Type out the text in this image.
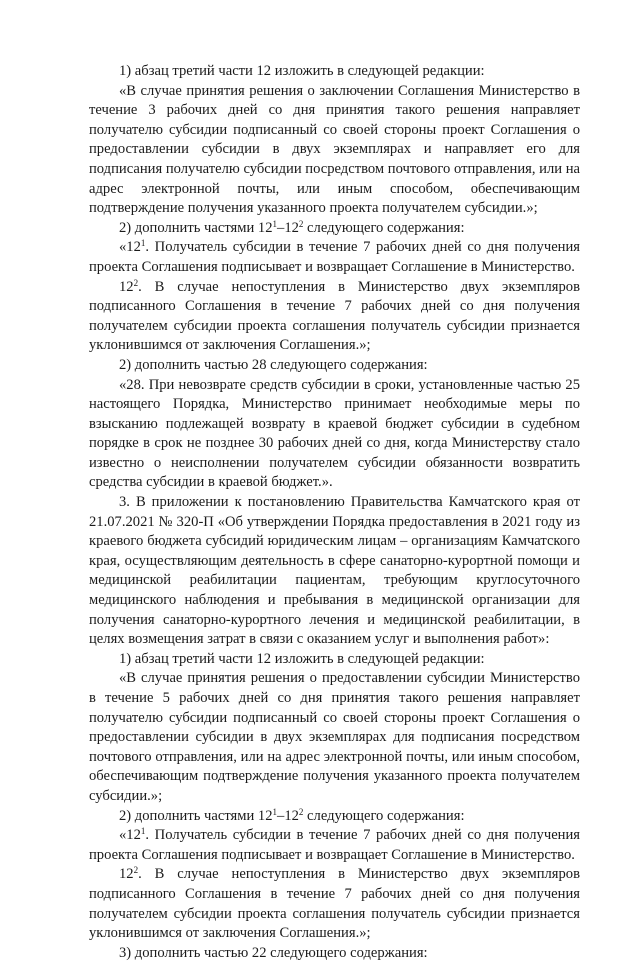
1) абзац третий части 12 изложить в следующей редакции:

«В случае принятия решения о заключении Соглашения Министерство в течение 3 рабочих дней со дня принятия такого решения направляет получателю субсидии подписанный со своей стороны проект Соглашения о предоставлении субсидии в двух экземплярах и направляет его для подписания получателю субсидии посредством почтового отправления, или на адрес электронной почты, или иным способом, обеспечивающим подтверждение получения указанного проекта получателем субсидии.»;

2) дополнить частями $12^1-12^2$ следующего содержания:

«$12^1$. Получатель субсидии в течение 7 рабочих дней со дня получения проекта Соглашения подписывает и возвращает Соглашение в Министерство.

$12^2$. В случае непоступления в Министерство двух экземпляров подписанного Соглашения в течение 7 рабочих дней со дня получения получателем субсидии проекта соглашения получатель субсидии признается уклонившимся от заключения Соглашения.»;

2) дополнить частью 28 следующего содержания:

«28. При невозврате средств субсидии в сроки, установленные частью 25 настоящего Порядка, Министерство принимает необходимые меры по взысканию подлежащей возврату в краевой бюджет субсидии в судебном порядке в срок не позднее 30 рабочих дней со дня, когда Министерству стало известно о неисполнении получателем субсидии обязанности возвратить средства субсидии в краевой бюджет.».

3. В приложении к постановлению Правительства Камчатского края от 21.07.2021 № 320-П «Об утверждении Порядка предоставления в 2021 году из краевого бюджета субсидий юридическим лицам – организациям Камчатского края, осуществляющим деятельность в сфере санаторно-курортной помощи и медицинской реабилитации пациентам, требующим круглосуточного медицинского наблюдения и пребывания в медицинской организации для получения санаторно-курортного лечения и медицинской реабилитации, в целях возмещения затрат в связи с оказанием услуг и выполнения работ»:

1) абзац третий части 12 изложить в следующей редакции:

«В случае принятия решения о предоставлении субсидии Министерство в течение 5 рабочих дней со дня принятия такого решения направляет получателю субсидии подписанный со своей стороны проект Соглашения о предоставлении субсидии в двух экземплярах для подписания посредством почтового отправления, или на адрес электронной почты, или иным способом, обеспечивающим подтверждение получения указанного проекта получателем субсидии.»;

2) дополнить частями $12^1-12^2$ следующего содержания:

«$12^1$. Получатель субсидии в течение 7 рабочих дней со дня получения проекта Соглашения подписывает и возвращает Соглашение в Министерство.

$12^2$. В случае непоступления в Министерство двух экземпляров подписанного Соглашения в течение 7 рабочих дней со дня получения получателем субсидии проекта соглашения получатель субсидии признается уклонившимся от заключения Соглашения.»;

3) дополнить частью 22 следующего содержания:
